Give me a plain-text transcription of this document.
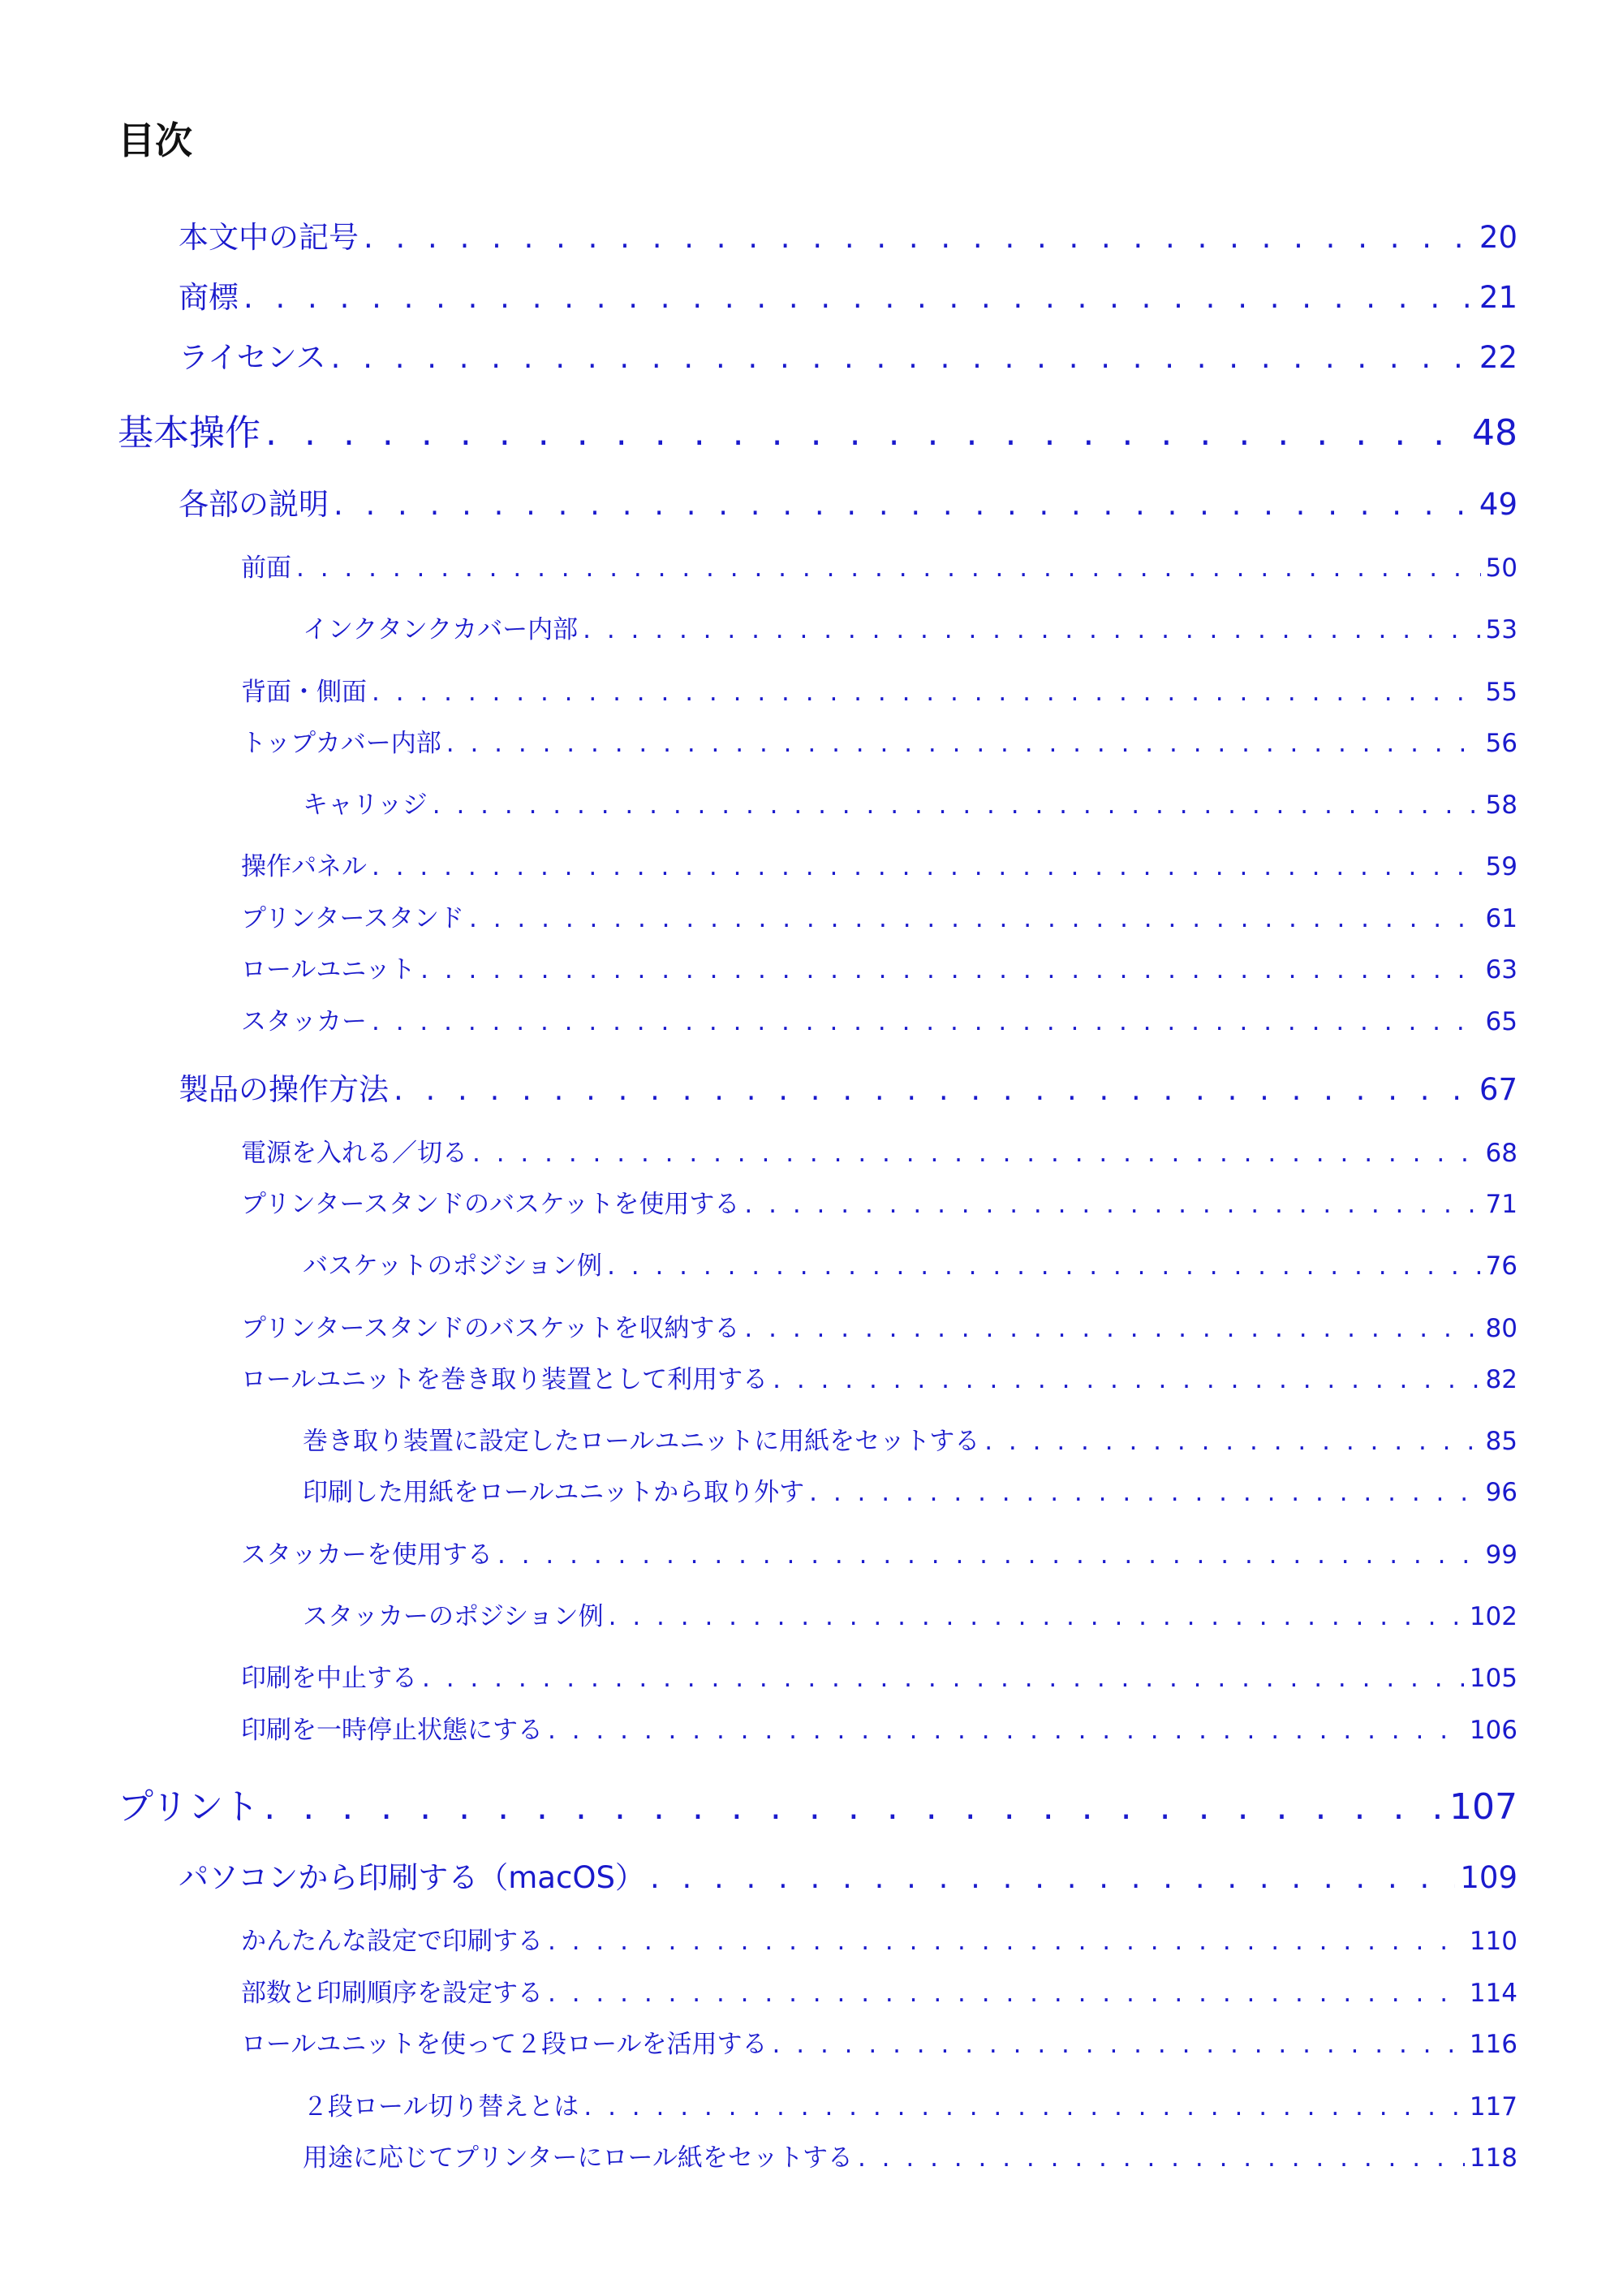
目次
本文中の記号 . . .	20
商標 . . .	21
ライセンス . . .	22
基本操作 . . .	48
各部の説明 . . .	49
前面 . . .	50
インクタンクカバー内部 . . .	53
背面・側面 . . .	55
トップカバー内部 . . .	56
キャリッジ . . .	58
操作パネル . . .	59
プリンタースタンド . . .	61
ロールユニット . . .	63
スタッカー . . .	65
製品の操作方法 . . .	67
電源を入れる／切る . . .	68
プリンタースタンドのバスケットを使用する . . .	71
バスケットのポジション例 . . .	76
プリンタースタンドのバスケットを収納する . . .	80
ロールユニットを巻き取り装置として利用する . . .	82
巻き取り装置に設定したロールユニットに用紙をセットする . . .	85
印刷した用紙をロールユニットから取り外す . . .	96
スタッカーを使用する . . .	99
スタッカーのポジション例 . . .	102
印刷を中止する . . .	105
印刷を一時停止状態にする . . .	106
プリント . . .	107
パソコンから印刷する（macOS） . . .	109
かんたんな設定で印刷する . . .	110
部数と印刷順序を設定する . . .	114
ロールユニットを使って２段ロールを活用する . . .	116
２段ロール切り替えとは . . .	117
用途に応じてプリンターにロール紙をセットする . . .	118
